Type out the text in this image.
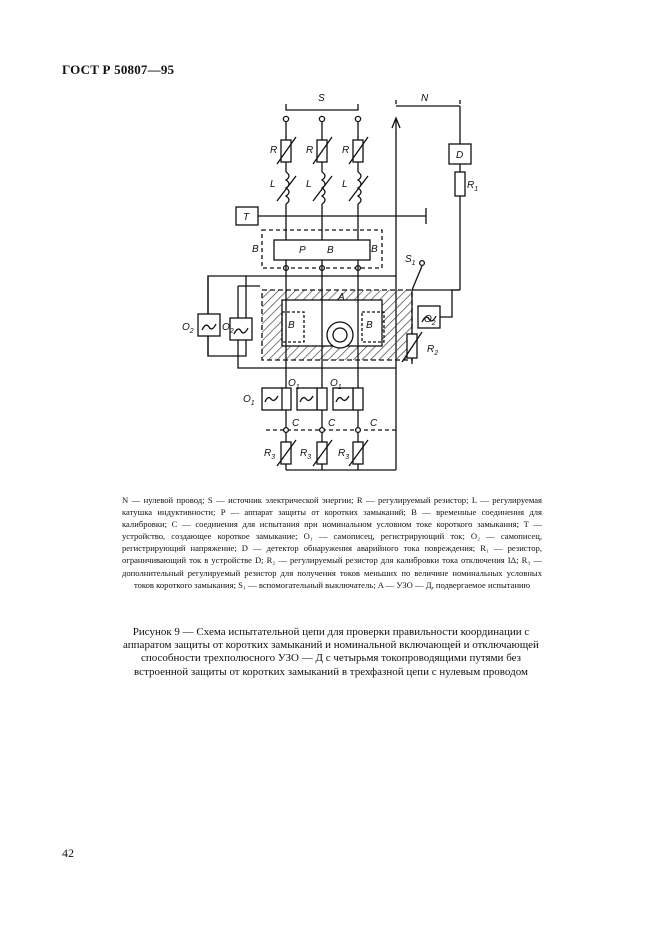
ГОСТ Р 50807—95
S	N
R	R	R
L	L	L
T
D
$R_1$
B	P B	B
$S_1$
A
B	B
$O_2$	$O_2$
$O_2$
$R_2$
$O_1$	$O_1$
$O_1$
C	C	C
$R_3$ $R_3$	$R_3$
N — нулевой провод; S — источник электрической энергии; R — регулируемый резистор; L — регулируемая катушка индуктивности; P — аппарат защиты от коротких замыканий; B — временные соединения для калибровки; C — соединения для испытания при номинальном условном токе короткого замыкания; T — устройство, создающее короткое замыкание; O₁ — самописец, регистрирующий ток; O₂ — самописец, регистрирующий напряжение; D — детектор обнаружения аварийного тока повреждения; R₁ — резистор, ограничивающий ток в устройстве D; R₂ — регулируемый резистор для калибровки тока отключения IΔ; R₃ — дополнительный регулируемый резистор для получения токов меньших по величине номинальных условных токов короткого замыкания; S₁ — вспомогательный выключатель; A — УЗО — Д, подвергаемое испытанию
Рисунок 9 — Схема испытательной цепи для проверки правильности координации с аппаратом защиты от коротких замыканий и номинальной включающей и отключающей способности трехполюсного УЗО — Д с четырьмя токопроводящими путями без встроенной защиты от коротких замыканий в трехфазной цепи с нулевым проводом
42
